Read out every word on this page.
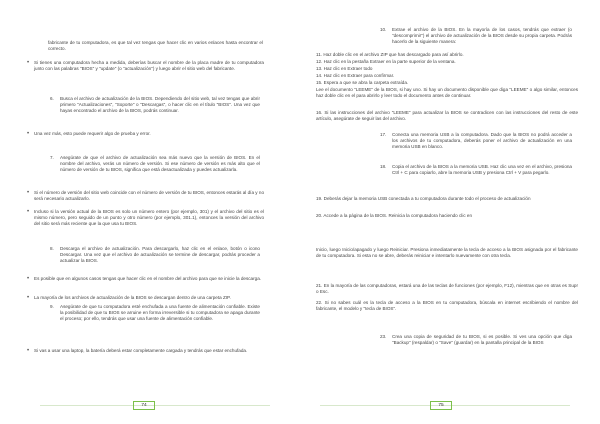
fabricante de tu computadora, es que tal vez tengas que hacer clic en varios enlaces hasta encontrar el correcto.
• Si tienes una computadora hecha a medida, deberías buscar el nombre de la placa madre de tu computadora junto con las palabras "BIOS" y "update" (o "actualización") y luego abrir el sitio web del fabricante.
6. Busca el archivo de actualización de la BIOS. Dependiendo del sitio web, tal vez tengas que abrir primero "Actualizaciones", "Soporte" o "Descargas", o hacer clic en el título "BIOS". Una vez que hayas encontrado el archivo de la BIOS, podrás continuar.
• Una vez más, esto puede requerir algo de prueba y error.
7. Asegúrate de que el archivo de actualización sea más nuevo que la versión de BIOS. En el nombre del archivo, verás un número de versión. Si ese número de versión es más alto que el número de versión de tu BIOS, significa que está desactualizada y puedes actualizarla.
• Si el número de versión del sitio web coincide con el número de versión de tu BIOS, entonces estarás al día y no será necesario actualizarlo.
• Incluso si la versión actual de la BIOS es solo un número entero (por ejemplo, 301) y el archivo del sitio es el mismo número, pero seguido de un punto y otro número (por ejemplo, 301.1), entonces la versión del archivo del sitio será más reciente que la que usa tu BIOS.
8. Descarga el archivo de actualización. Para descargarlo, haz clic en el enlace, botón o icono Descargar. Una vez que el archivo de actualización se termine de descargar, podrás proceder a actualizar la BIOS.
• Es posible que en algunos casos tengas que hacer clic en el nombre del archivo para que se inicie la descarga.
• La mayoría de los archivos de actualización de la BIOS se descargan dentro de una carpeta ZIP.
9. Asegúrate de que tu computadora esté enchufada a una fuente de alimentación confiable. Existe la posibilidad de que tu BIOS se arruine en forma irreversible si tu computadora se apaga durante el proceso; por ello, tendrás que usar una fuente de alimentación confiable.
• Si vas a usar una laptop, la batería deberá estar completamente cargada y tendrás que estar enchufada.
74
10. Extrae el archivo de la BIOS. En la mayoría de los casos, tendrás que extraer (o "descomprimir") el archivo de actualización de la BIOS desde su propia carpeta. Podrás hacerlo de la siguiente manera:
11. Haz doble clic en el archivo ZIP que has descargado para así abrirlo.
12. Haz clic en la pestaña Extraer en la parte superior de la ventana.
13. Haz clic en Extraer todo
14. Haz clic en Extraer para confirmar.
15. Espera a que se abra la carpeta extraída.
Lee el documento "LEEME" de la BIOS, si hay uno. Si hay un documento disponible que diga "LEEME" o algo similar, entonces haz doble clic en el para abrirlo y leer todo el documento antes de continuar.
16. Si las instrucciones del archivo "LEEME" para actualizar la BIOS se contradicen con las instrucciones del resto de este artículo, asegúrate de seguir las del archivo.
17. Conecta una memoria USB a la computadora. Dado que la BIOS no podrá acceder a los archivos de tu computadora, deberás poner el archivo de actualización en una memoria USB en blanco.
18. Copia el archivo de la BIOS a la memoria USB. Haz clic una vez en el archivo, presiona Ctrl + C para copiarlo, abre la memoria USB y presiona Ctrl + V para pegarlo.
19. Deberás dejar la memoria USB conectada a tu computadora durante todo el proceso de actualización
20. Accede a la página de la BIOS. Reinicia la computadora haciendo clic en
Inicio, luego Inicio/apagado y luego Reiniciar. Presiona inmediatamente la tecla de acceso a la BIOS asignada por el fabricante de tu computadora. Si esta no se abre, deberás reiniciar e intentarlo nuevamente con otra tecla.
21. En la mayoría de las computadoras, estará una de las teclas de funciones (por ejemplo, F12), mientras que en otras es Supr o Esc.
22. Si no sabes cuál es la tecla de acceso a la BIOS en tu computadora, búscala en internet escribiendo el nombre del fabricante, el modelo y "tecla de BIOS".
23. Crea una copia de seguridad de tu BIOS, si es posible. Si ves una opción que diga "Backup" (respaldar) o "Save" (guardar) en la pantalla principal de la BIOS
75
